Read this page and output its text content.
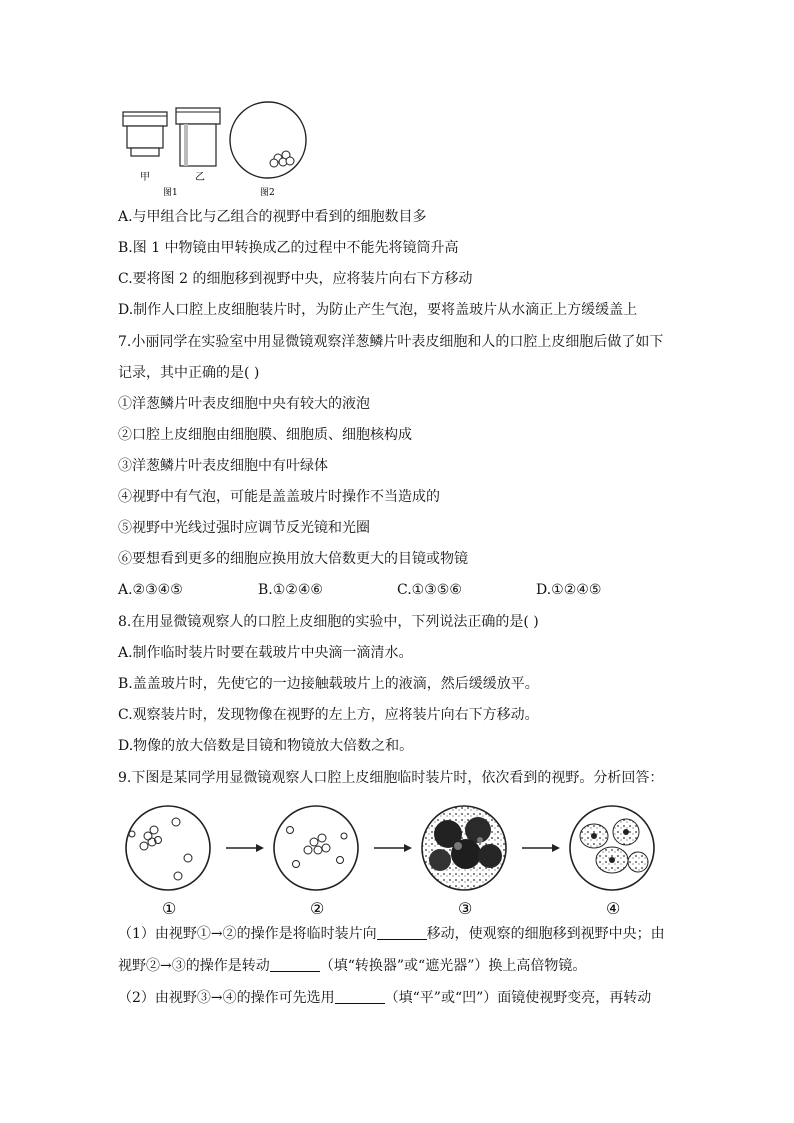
甲	乙
图1	图2
A.与甲组合比与乙组合的视野中看到的细胞数目多
B.图 1 中物镜由甲转换成乙的过程中不能先将镜筒升高
C.要将图 2 的细胞移到视野中央，应将装片向右下方移动
D.制作人口腔上皮细胞装片时，为防止产生气泡，要将盖玻片从水滴正上方缓缓盖上
7.小丽同学在实验室中用显微镜观察洋葱鳞片叶表皮细胞和人的口腔上皮细胞后做了如下
记录，其中正确的是( )
①洋葱鳞片叶表皮细胞中央有较大的液泡
②口腔上皮细胞由细胞膜、细胞质、细胞核构成
③洋葱鳞片叶表皮细胞中有叶绿体
④视野中有气泡，可能是盖盖玻片时操作不当造成的
⑤视野中光线过强时应调节反光镜和光圈
⑥要想看到更多的细胞应换用放大倍数更大的目镜或物镜
A.②③④⑤	B.①②④⑥	C.①③⑤⑥	D.①②④⑤
8.在用显微镜观察人的口腔上皮细胞的实验中，下列说法正确的是( )
A.制作临时装片时要在载玻片中央滴一滴清水。
B.盖盖玻片时，先使它的一边接触载玻片上的液滴，然后缓缓放平。
C.观察装片时，发现物像在视野的左上方，应将装片向右下方移动。
D.物像的放大倍数是目镜和物镜放大倍数之和。
9.下图是某同学用显微镜观察人口腔上皮细胞临时装片时，依次看到的视野。分析回答：
①	②	③	④
（1）由视野①→②的操作是将临时装片向	移动，使观察的细胞移到视野中央；由
视野②→③的操作是转动	（填“转换器”或“遮光器”）换上高倍物镜。
（2）由视野③→④的操作可先选用	（填“平”或“凹”）面镜使视野变亮，再转动
